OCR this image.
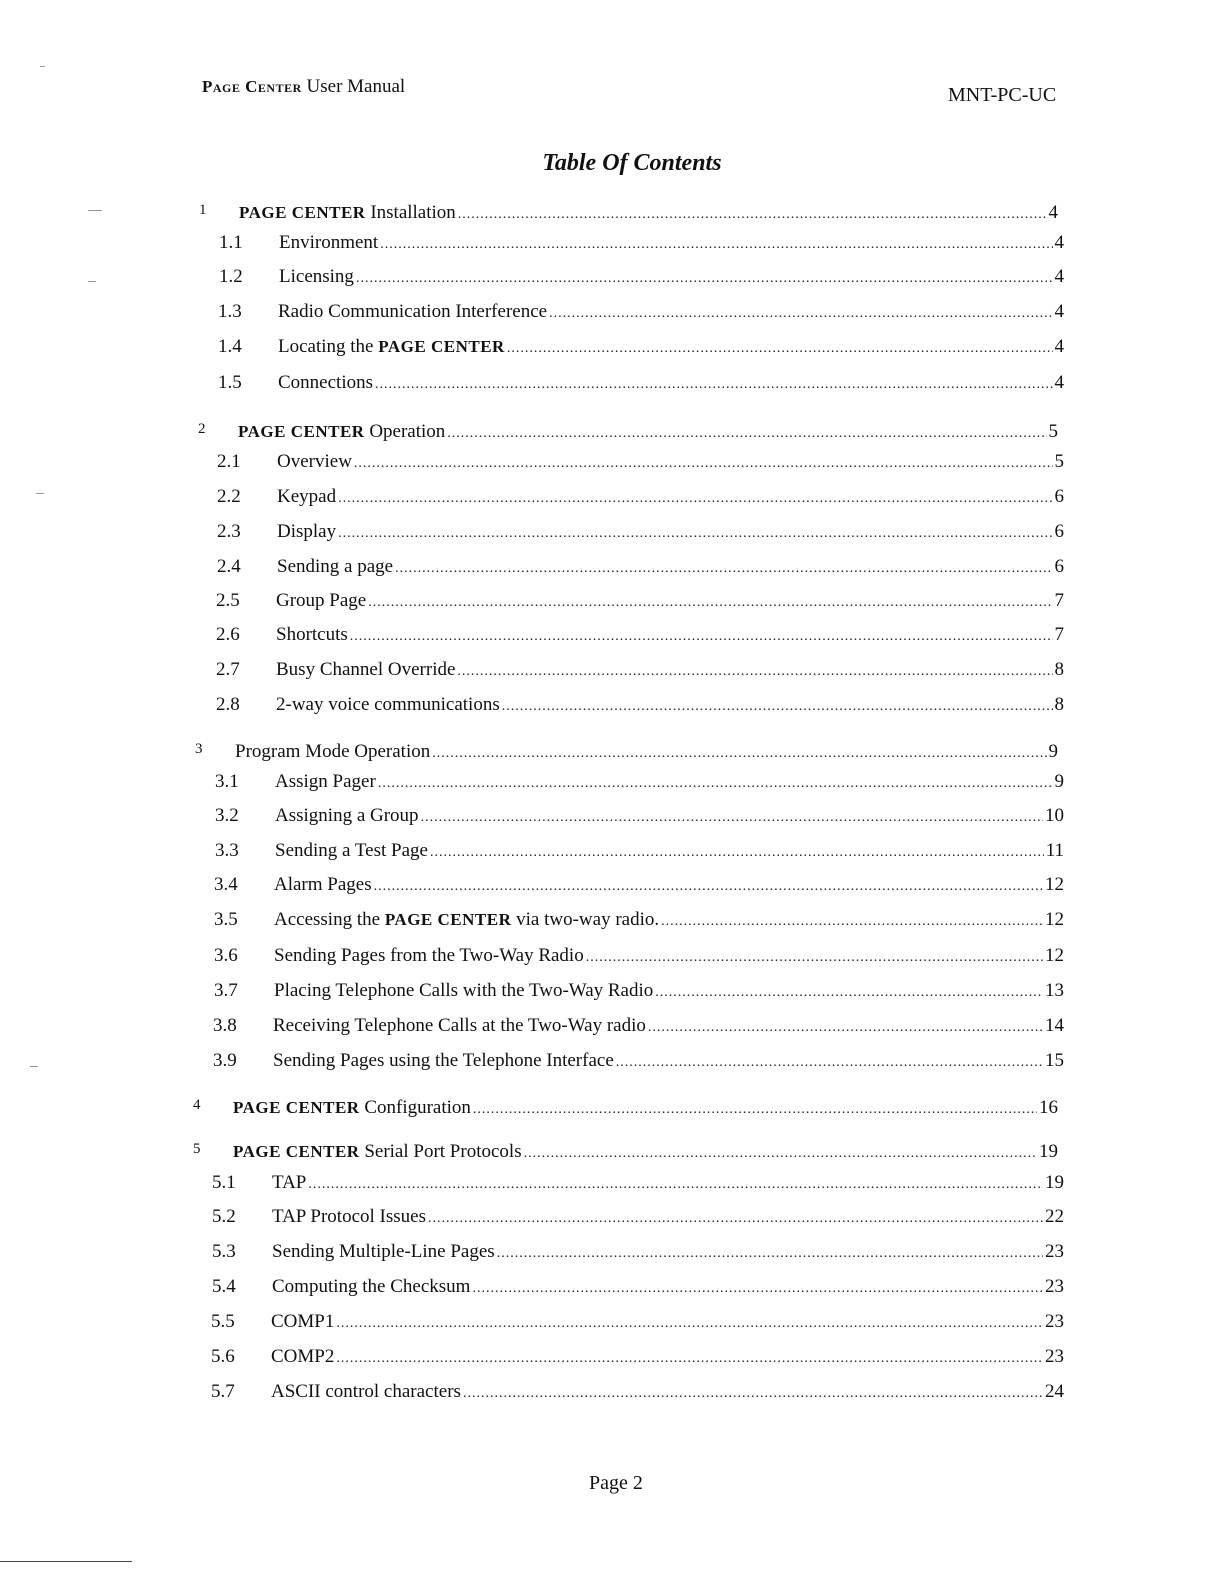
Page Center User Manual	MNT-PC-UC
Table Of Contents
1 PAGE CENTER Installation .....	4
1.1 Environment .....	4
1.2 Licensing .....	4
1.3 Radio Communication Interference .....	4
1.4 Locating the PAGE CENTER .....	4
1.5 Connections .....	4
2 PAGE CENTER Operation .....	5
2.1 Overview .....	5
2.2 Keypad .....	6
2.3 Display .....	6
2.4 Sending a page .....	6
2.5 Group Page .....	7
2.6 Shortcuts .....	7
2.7 Busy Channel Override .....	8
2.8 2-way voice communications .....	8
3 Program Mode Operation .....	9
3.1 Assign Pager .....	9
3.2 Assigning a Group .....	10
3.3 Sending a Test Page .....	11
3.4 Alarm Pages .....	12
3.5 Accessing the PAGE CENTER via two-way radio. .....	12
3.6 Sending Pages from the Two-Way Radio .....	12
3.7 Placing Telephone Calls with the Two-Way Radio .....	13
3.8 Receiving Telephone Calls at the Two-Way radio .....	14
3.9 Sending Pages using the Telephone Interface .....	15
4 PAGE CENTER Configuration .....	16
5 PAGE CENTER Serial Port Protocols .....	19
5.1 TAP .....	19
5.2 TAP Protocol Issues .....	22
5.3 Sending Multiple-Line Pages .....	23
5.4 Computing the Checksum .....	23
5.5 COMP1 .....	23
5.6 COMP2 .....	23
5.7 ASCII control characters .....	24
Page 2
